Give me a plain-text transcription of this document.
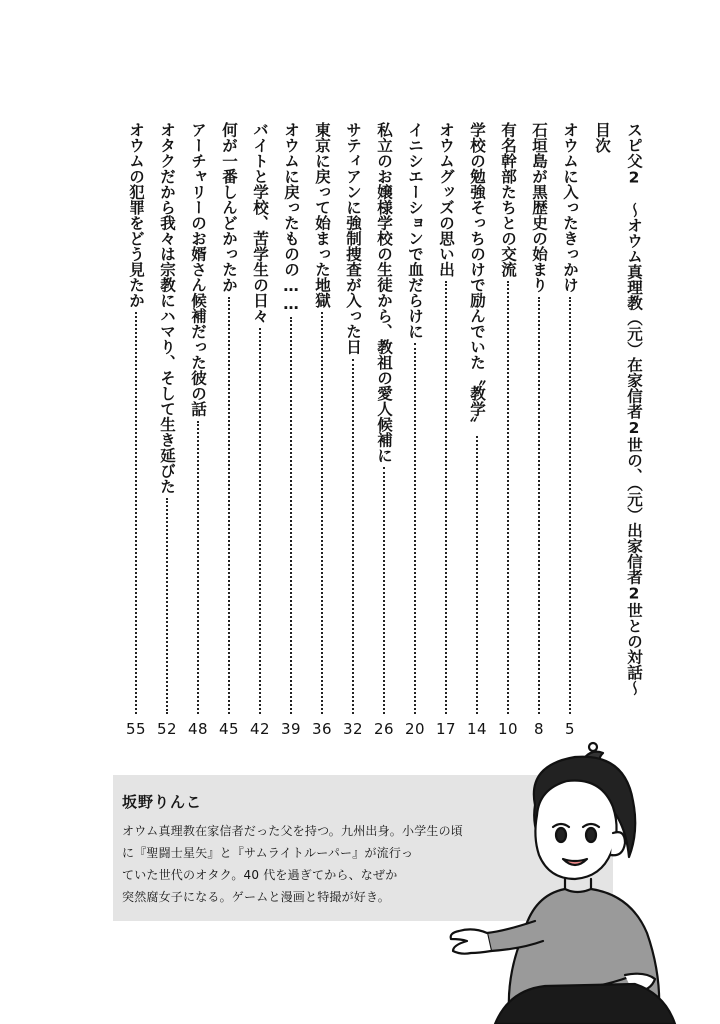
スピ父2　〜オウム真理教（元）在家信者2世の、（元）出家信者2世との対話〜
目次
オウムに入ったきっかけ
5
石垣島が黒歴史の始まり
8
有名幹部たちとの交流
10
学校の勉強そっちのけで励んでいた〝教学〟
14
オウムグッズの思い出
17
イニシエーションで血だらけに
20
私立のお嬢様学校の生徒から、教祖の愛人候補に
26
サティアンに強制捜査が入った日
32
東京に戻って始まった地獄
36
オウムに戻ったものの……
39
バイトと学校、苦学生の日々
42
何が一番しんどかったか
45
アーチャリーのお婿さん候補だった彼の話
48
オタクだから我々は宗教にハマり、そして生き延びた
52
オウムの犯罪をどう見たか
55
坂野りんこ
オウム真理教在家信者だった父を持つ。九州出身。小学生の頃
に『聖闘士星矢』と『サムライトルーパー』が流行っ
ていた世代のオタク。40 代を過ぎてから、なぜか
突然腐女子になる。ゲームと漫画と特撮が好き。
